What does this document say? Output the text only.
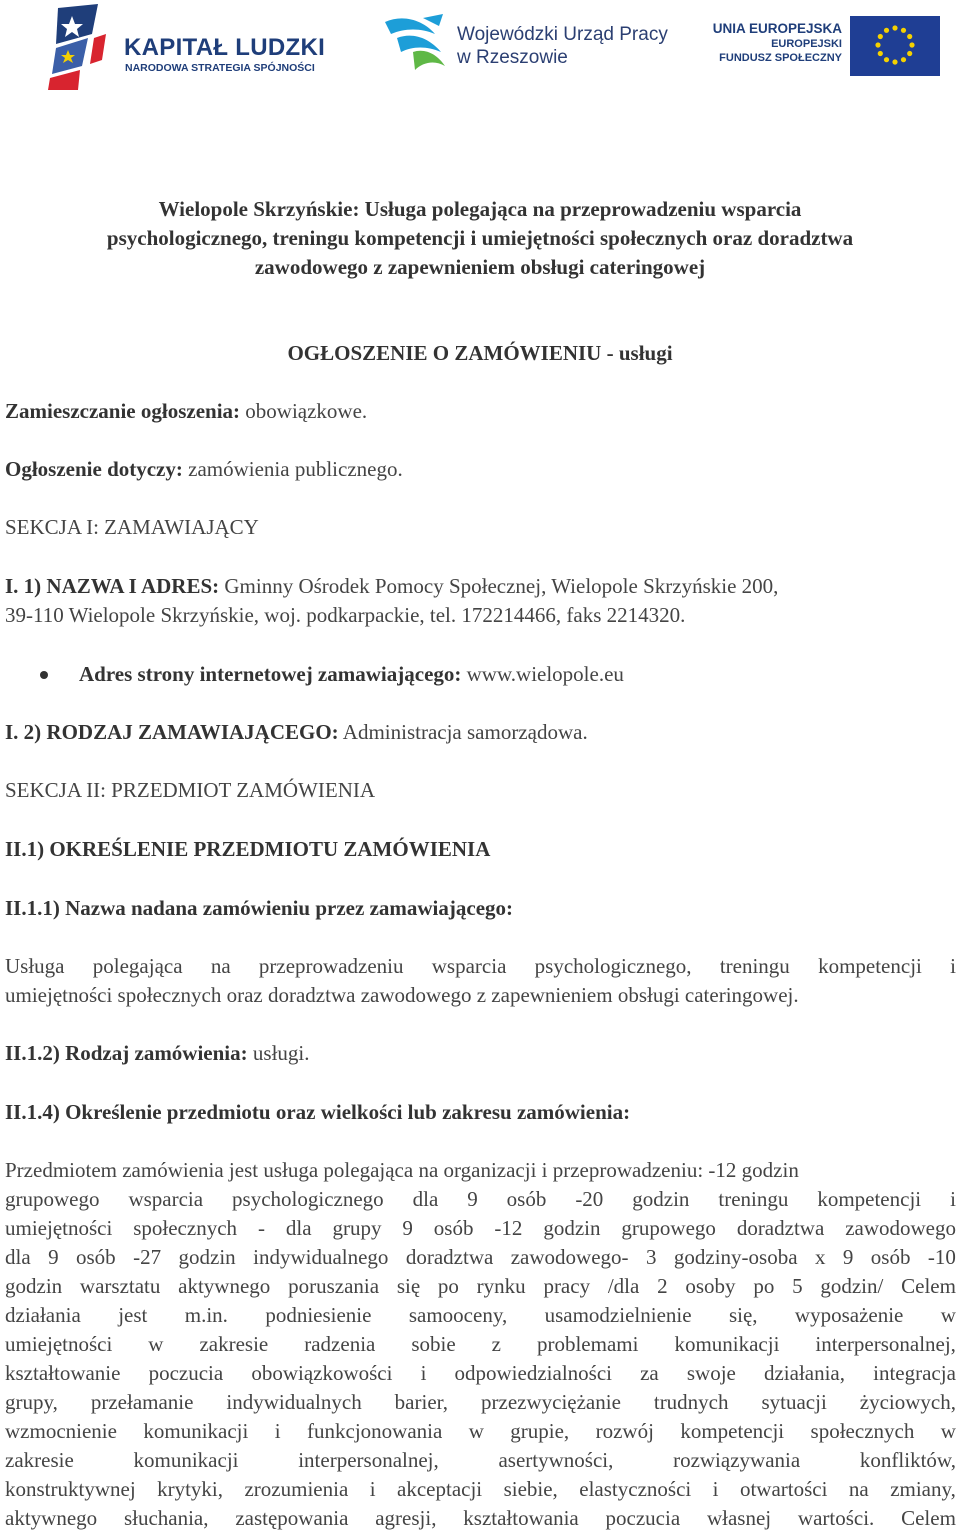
KAPITAŁ LUDZKI
NARODOWA STRATEGIA SPÓJNOŚCI
Wojewódzki Urząd Pracy
w Rzeszowie
UNIA EUROPEJSKA
EUROPEJSKI
FUNDUSZ SPOŁECZNY
Wielopole Skrzyńskie: Usługa polegająca na przeprowadzeniu wsparcia
psychologicznego, treningu kompetencji i umiejętności społecznych oraz doradztwa
zawodowego z zapewnieniem obsługi cateringowej
OGŁOSZENIE O ZAMÓWIENIU - usługi
Zamieszczanie ogłoszenia: obowiązkowe.
Ogłoszenie dotyczy: zamówienia publicznego.
SEKCJA I: ZAMAWIAJĄCY
I. 1) NAZWA I ADRES: Gminny Ośrodek Pomocy Społecznej, Wielopole Skrzyńskie 200,
39-110 Wielopole Skrzyńskie, woj. podkarpackie, tel. 172214466, faks 2214320.
Adres strony internetowej zamawiającego: www.wielopole.eu
I. 2) RODZAJ ZAMAWIAJĄCEGO: Administracja samorządowa.
SEKCJA II: PRZEDMIOT ZAMÓWIENIA
II.1) OKREŚLENIE PRZEDMIOTU ZAMÓWIENIA
II.1.1) Nazwa nadana zamówieniu przez zamawiającego:
Usługa polegająca na przeprowadzeniu wsparcia psychologicznego, treningu kompetencji i
umiejętności społecznych oraz doradztwa zawodowego z zapewnieniem obsługi cateringowej.
II.1.2) Rodzaj zamówienia: usługi.
II.1.4) Określenie przedmiotu oraz wielkości lub zakresu zamówienia:
Przedmiotem zamówienia jest usługa polegająca na organizacji i przeprowadzeniu: -12 godzin
grupowego wsparcia psychologicznego dla 9 osób -20 godzin treningu kompetencji i
umiejętności społecznych - dla grupy 9 osób -12 godzin grupowego doradztwa zawodowego
dla 9 osób -27 godzin indywidualnego doradztwa zawodowego- 3 godziny-osoba x 9 osób -10
godzin warsztatu aktywnego poruszania się po rynku pracy /dla 2 osoby po 5 godzin/ Celem
działania jest m.in. podniesienie samooceny, usamodzielnienie się, wyposażenie w
umiejętności w zakresie radzenia sobie z problemami komunikacji interpersonalnej,
kształtowanie poczucia obowiązkowości i odpowiedzialności za swoje działania, integracja
grupy, przełamanie indywidualnych barier, przezwyciężanie trudnych sytuacji życiowych,
wzmocnienie komunikacji i funkcjonowania w grupie, rozwój kompetencji społecznych w
zakresie	komunikacji	interpersonalnej,	asertywności,	rozwiązywania	konfliktów,
konstruktywnej krytyki, zrozumienia i akceptacji siebie, elastyczności i otwartości na zmiany,
aktywnego słuchania, zastępowania agresji, kształtowania poczucia własnej wartości. Celem
